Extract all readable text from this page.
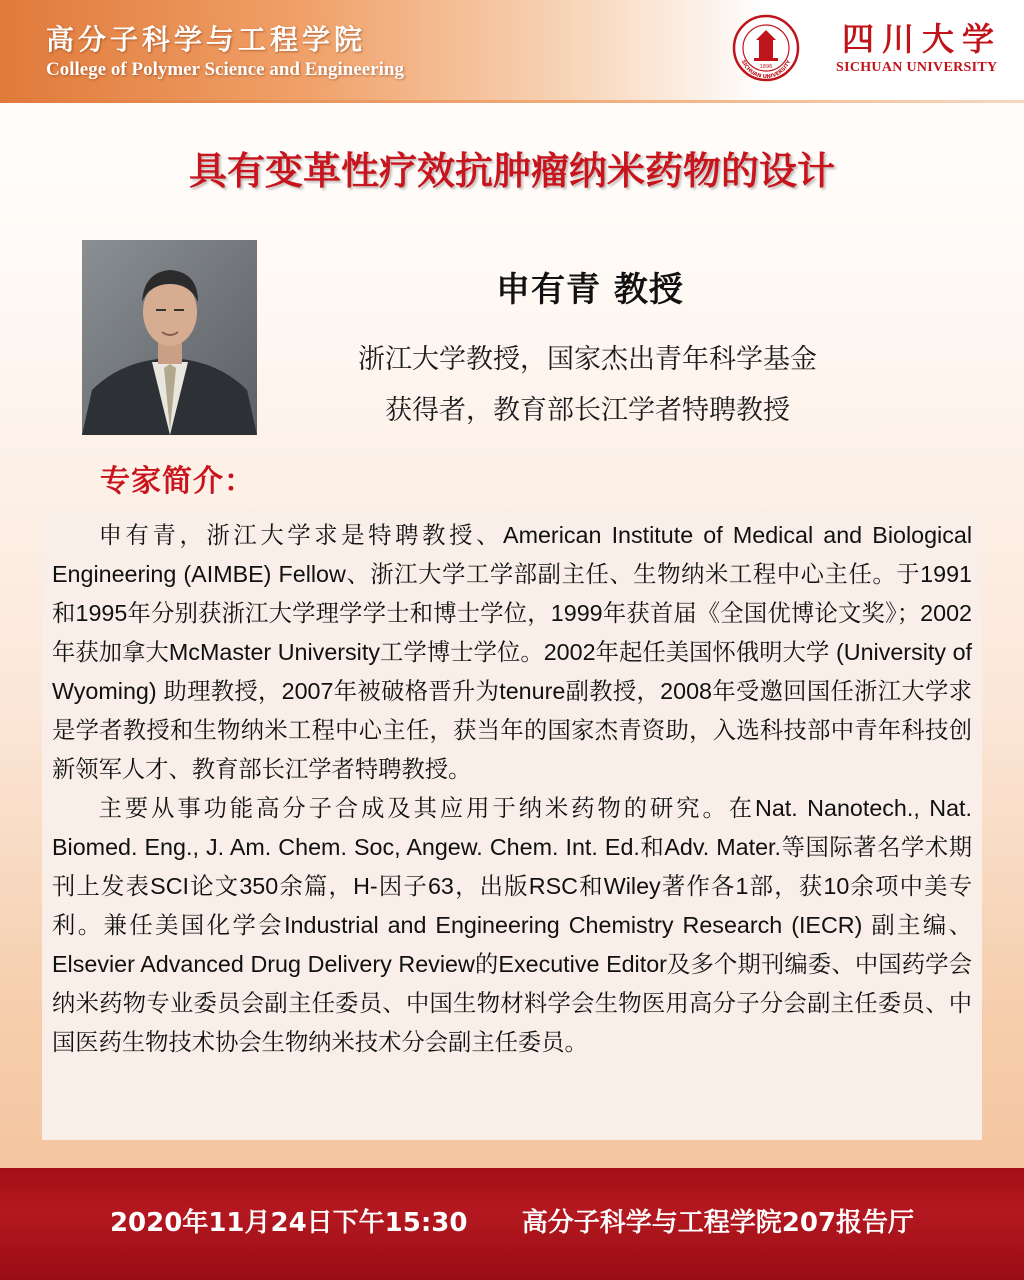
高分子科学与工程学院
College of Polymer Science and Engineering	1896
SICHUAN UNIVERSITY
四川大学
SICHUAN UNIVERSITY
具有变革性疗效抗肿瘤纳米药物的设计
申有青 教授
浙江大学教授，国家杰出青年科学基金
获得者，教育部长江学者特聘教授
专家简介：

申有青，浙江大学求是特聘教授、American Institute of Medical and Biological Engineering (AIMBE) Fellow、浙江大学工学部副主任、生物纳米工程中心主任。于1991和1995年分别获浙江大学理学学士和博士学位，1999年获首届《全国优博论文奖》；2002年获加拿大McMaster University工学博士学位。2002年起任美国怀俄明大学 (University of Wyoming) 助理教授，2007年被破格晋升为tenure副教授，2008年受邀回国任浙江大学求是学者教授和生物纳米工程中心主任，获当年的国家杰青资助，入选科技部中青年科技创新领军人才、教育部长江学者特聘教授。

主要从事功能高分子合成及其应用于纳米药物的研究。在Nat. Nanotech., Nat. Biomed. Eng., J. Am. Chem. Soc, Angew. Chem. Int. Ed.和Adv. Mater.等国际著名学术期刊上发表SCI论文350余篇，H-因子63，出版RSC和Wiley著作各1部，获10余项中美专利。兼任美国化学会Industrial and Engineering Chemistry Research (IECR) 副主编、Elsevier Advanced Drug Delivery Review的Executive Editor及多个期刊编委、中国药学会纳米药物专业委员会副主任委员、中国生物材料学会生物医用高分子分会副主任委员、中国医药生物技术协会生物纳米技术分会副主任委员。

2020年11月24日下午15:30      高分子科学与工程学院207报告厅
